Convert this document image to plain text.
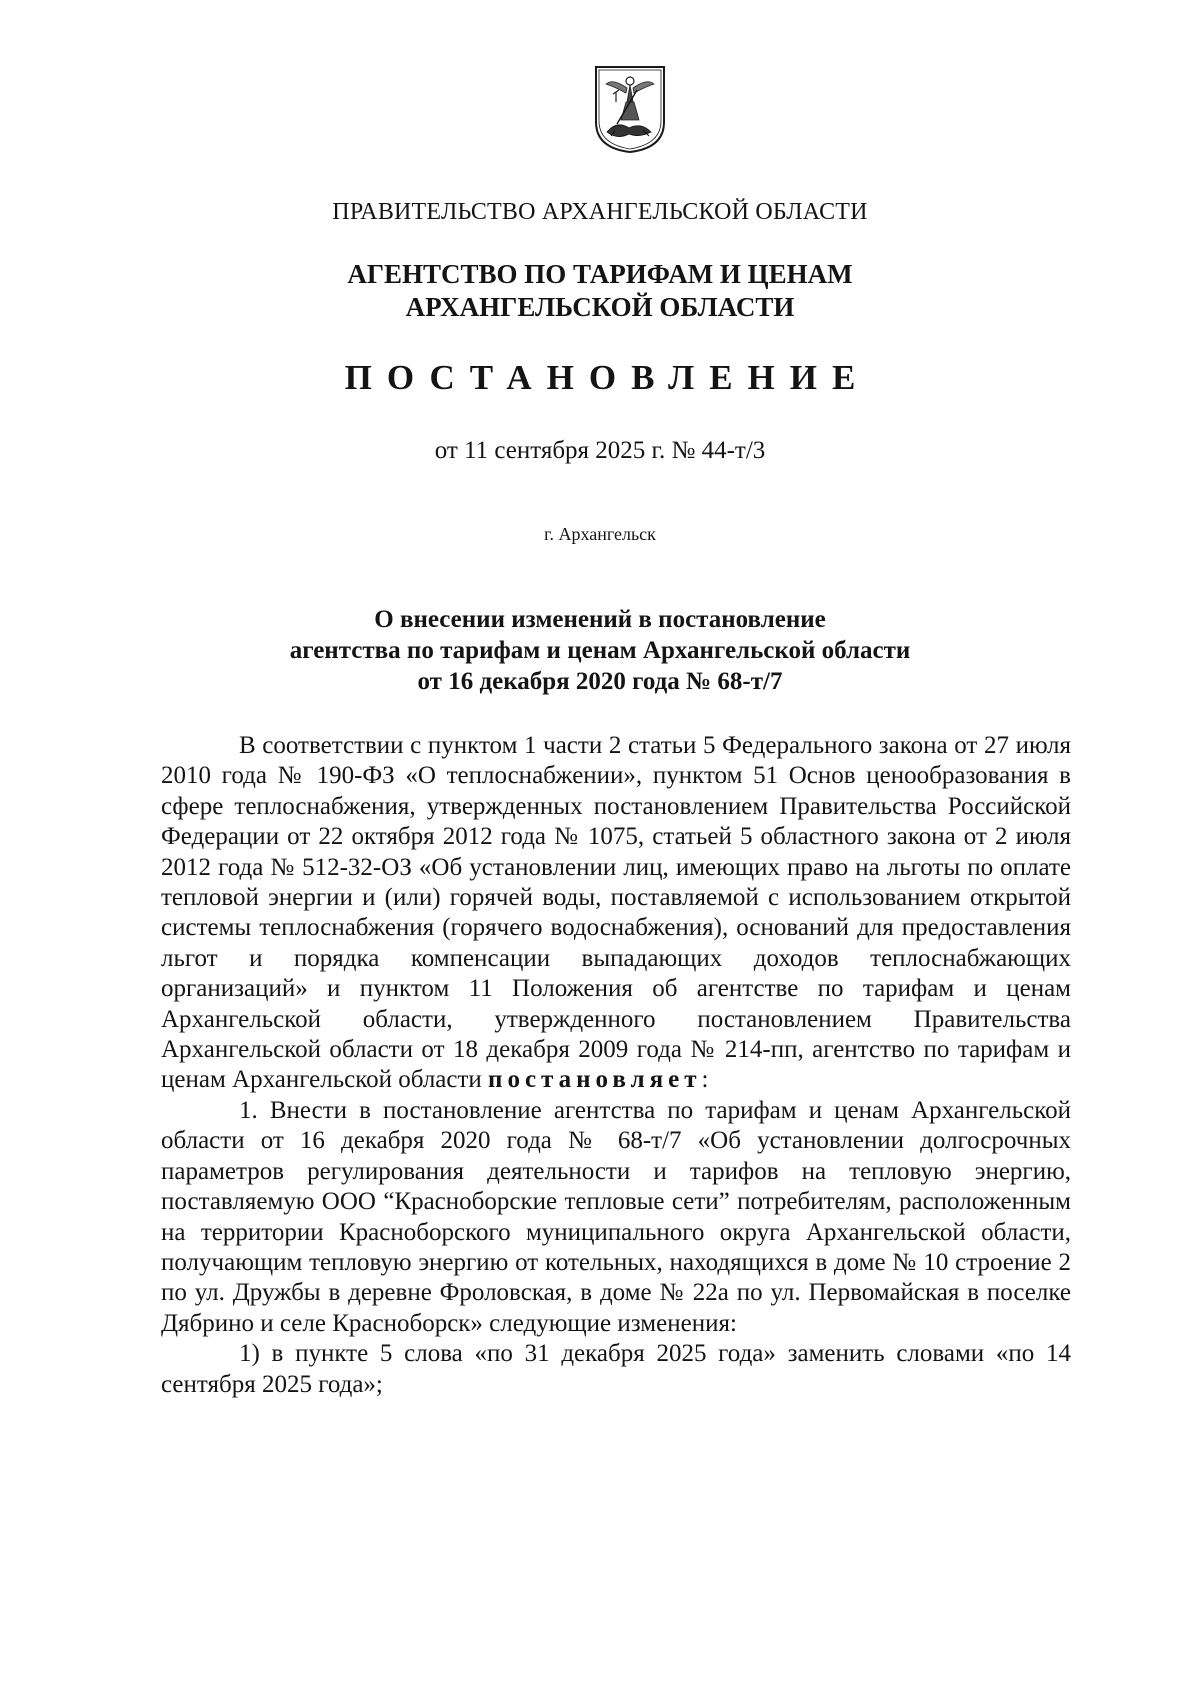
ПРАВИТЕЛЬСТВО АРХАНГЕЛЬСКОЙ ОБЛАСТИ
АГЕНТСТВО ПО ТАРИФАМ И ЦЕНАМ
АРХАНГЕЛЬСКОЙ ОБЛАСТИ
ПОСТАНОВЛЕНИЕ
от 11 сентября 2025 г. № 44-т/3
г. Архангельск
О внесении изменений в постановление
агентства по тарифам и ценам Архангельской области
от 16 декабря 2020 года № 68-т/7

В соответствии с пунктом 1 части 2 статьи 5 Федерального закона от 27 июля 2010 года № 190-ФЗ «О теплоснабжении», пунктом 51 Основ ценообразования в сфере теплоснабжения, утвержденных постановлением Правительства Российской Федерации от 22 октября 2012 года № 1075, статьей 5 областного закона от 2 июля 2012 года № 512-32-ОЗ «Об установлении лиц, имеющих право на льготы по оплате тепловой энергии и (или) горячей воды, поставляемой с использованием открытой системы теплоснабжения (горячего водоснабжения), оснований для предоставления льгот и порядка компенсации выпадающих доходов теплоснабжающих организаций» и пунктом 11 Положения об агентстве по тарифам и ценам Архангельской области, утвержденного постановлением Правительства Архангельской области от 18 декабря 2009 года № 214-пп, агентство по тарифам и ценам Архангельской области постановляет:

1. Внести в постановление агентства по тарифам и ценам Архангельской области от 16 декабря 2020 года № 68-т/7 «Об установлении долгосрочных параметров регулирования деятельности и тарифов на тепловую энергию, поставляемую ООО “Красноборские тепловые сети” потребителям, расположенным на территории Красноборского муниципального округа Архангельской области, получающим тепловую энергию от котельных, находящихся в доме № 10 строение 2 по ул. Дружбы в деревне Фроловская, в доме № 22а по ул. Первомайская в поселке Дябрино и селе Красноборск» следующие изменения:

1) в пункте 5 слова «по 31 декабря 2025 года» заменить словами «по 14 сентября 2025 года»;
